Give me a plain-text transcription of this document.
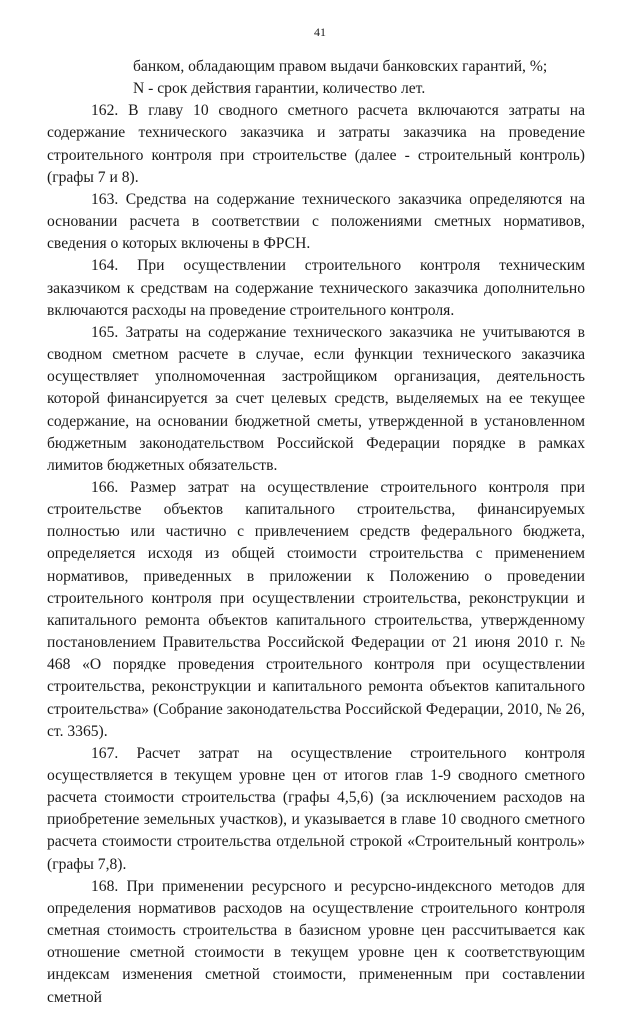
41

банком, обладающим правом выдачи банковских гарантий, %;

N - срок действия гарантии, количество лет.

162. В главу 10 сводного сметного расчета включаются затраты на содержание технического заказчика и затраты заказчика на проведение строительного контроля при строительстве (далее - строительный контроль) (графы 7 и 8).

163. Средства на содержание технического заказчика определяются на основании расчета в соответствии с положениями сметных нормативов, сведения о которых включены в ФРСН.

164. При осуществлении строительного контроля техническим заказчиком к средствам на содержание технического заказчика дополнительно включаются расходы на проведение строительного контроля.

165. Затраты на содержание технического заказчика не учитываются в сводном сметном расчете в случае, если функции технического заказчика осуществляет уполномоченная застройщиком организация, деятельность которой финансируется за счет целевых средств, выделяемых на ее текущее содержание, на основании бюджетной сметы, утвержденной в установленном бюджетным законодательством Российской Федерации порядке в рамках лимитов бюджетных обязательств.

166. Размер затрат на осуществление строительного контроля при строительстве объектов капитального строительства, финансируемых полностью или частично с привлечением средств федерального бюджета, определяется исходя из общей стоимости строительства с применением нормативов, приведенных в приложении к Положению о проведении строительного контроля при осуществлении строительства, реконструкции и капитального ремонта объектов капитального строительства, утвержденному постановлением Правительства Российской Федерации от 21 июня 2010 г. № 468 «О порядке проведения строительного контроля при осуществлении строительства, реконструкции и капитального ремонта объектов капитального строительства» (Собрание законодательства Российской Федерации, 2010, № 26, ст. 3365).

167. Расчет затрат на осуществление строительного контроля осуществляется в текущем уровне цен от итогов глав 1-9 сводного сметного расчета стоимости строительства (графы 4,5,6) (за исключением расходов на приобретение земельных участков), и указывается в главе 10 сводного сметного расчета стоимости строительства отдельной строкой «Строительный контроль» (графы 7,8).

168. При применении ресурсного и ресурсно-индексного методов для определения нормативов расходов на осуществление строительного контроля сметная стоимость строительства в базисном уровне цен рассчитывается как отношение сметной стоимости в текущем уровне цен к соответствующим индексам изменения сметной стоимости, примененным при составлении сметной
